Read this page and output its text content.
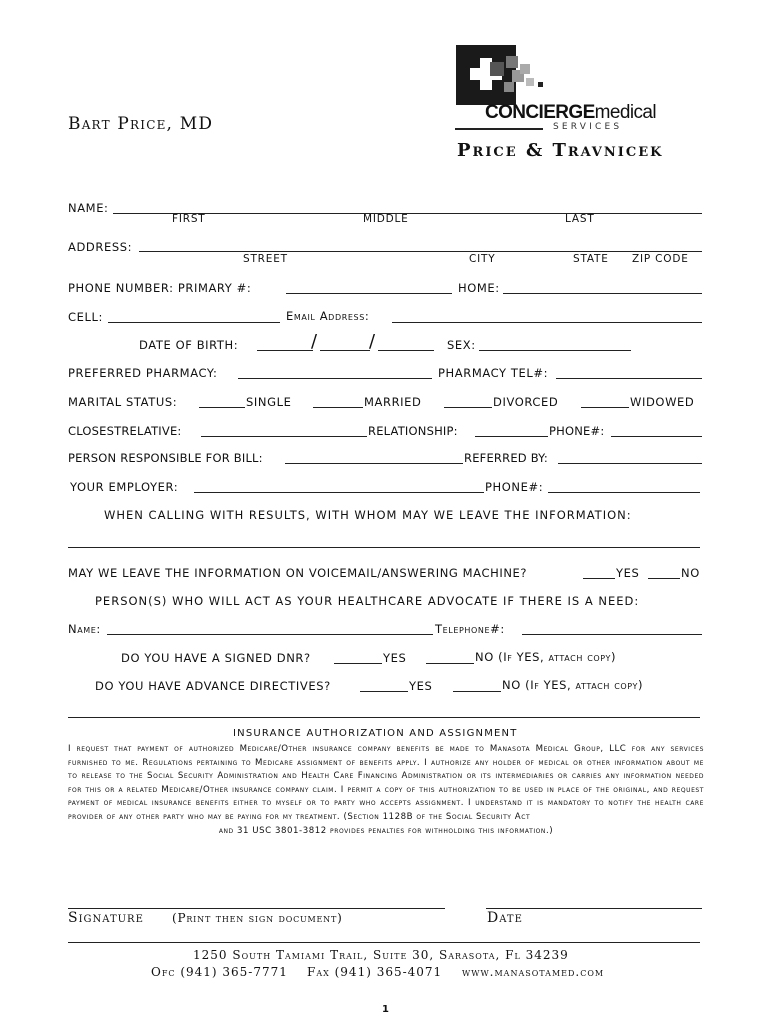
CONCIERGEmedical
SERVICES
Bart Price, MD
Price & Travnicek
NAME:
FIRST	MIDDLE	LAST
ADDRESS:
STREET	CITY	STATE ZIP CODE
PHONE NUMBER: PRIMARY #:	HOME:
CELL:	Email Address:
DATE OF BIRTH:	/	/	SEX:
PREFERRED PHARMACY:	PHARMACY TEL#:
MARITAL STATUS:	SINGLE	MARRIED	DIVORCED	WIDOWED
CLOSESTRELATIVE:	RELATIONSHIP:	PHONE#:
PERSON RESPONSIBLE FOR BILL:	REFERRED BY:
YOUR EMPLOYER:	PHONE#:
WHEN CALLING WITH RESULTS, WITH WHOM MAY WE LEAVE THE INFORMATION:
MAY WE LEAVE THE INFORMATION ON VOICEMAIL/ANSWERING MACHINE?	YES	NO
PERSON(S) WHO WILL ACT AS YOUR HEALTHCARE ADVOCATE IF THERE IS A NEED:
Name:	Telephone#:
DO YOU HAVE A SIGNED DNR?	YES	NO (If YES, attach copy)
DO YOU HAVE ADVANCE DIRECTIVES?	YES	NO (If YES, attach copy)
INSURANCE AUTHORIZATION AND ASSIGNMENT
I request that payment of authorized Medicare/Other insurance company benefits be made to Manasota Medical Group, LLC for any services furnished to me. Regulations pertaining to Medicare assignment of benefits apply. I authorize any holder of medical or other information about me to release to the Social Security Administration and Health Care Financing Administration or its intermediaries or carries any information needed for this or a related Medicare/Other insurance company claim. I permit a copy of this authorization to be used in place of the original, and request payment of medical insurance benefits either to myself or to party who accepts assignment. I understand it is mandatory to notify the health care provider of any other party who may be paying for my treatment. (Section 1128B of the Social Security Act
and 31 USC 3801-3812 provides penalties for withholding this information.)
Signature (Print then sign document)	Date
1250 South Tamiami Trail, Suite 30, Sarasota, Fl 34239
Ofc (941) 365-7771 Fax (941) 365-4071 www.manasotamed.com
1
